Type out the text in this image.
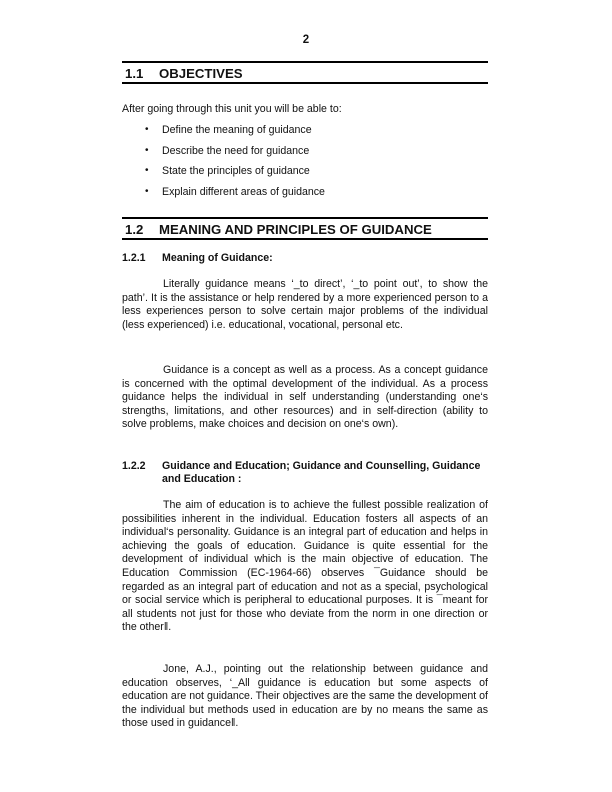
2
1.1 OBJECTIVES
After going through this unit you will be able to:
• Define the meaning of guidance
• Describe the need for guidance
• State the principles of guidance
• Explain different areas of guidance
1.2 MEANING AND PRINCIPLES OF GUIDANCE
1.2.1 Meaning of Guidance:

Literally guidance means ‘_to direct’, ‘_to point out’, to show the path’. It is the assistance or help rendered by a more experienced person to a less experiences person to solve certain major problems of the individual (less experienced) i.e. educational, vocational, personal etc.

Guidance is a concept as well as a process. As a concept guidance is concerned with the optimal development of the individual. As a process guidance helps the individual in self understanding (understanding one‘s strengths, limitations, and other resources) and in self-direction (ability to solve problems, make choices and decision on one‘s own).

1.2.2 Guidance and Education; Guidance and Counselling, Guidance and Education :

The aim of education is to achieve the fullest possible realization of possibilities inherent in the individual. Education fosters all aspects of an individual‘s personality. Guidance is an integral part of education and helps in achieving the goals of education. Guidance is quite essential for the development of individual which is the main objective of education. The Education Commission (EC-1964-66) observes ¯Guidance should be regarded as an integral part of education and not as a special, psychological or social service which is peripheral to educational purposes. It is ¯meant for all students not just for those who deviate from the norm in one direction or the other‖.

Jone, A.J., pointing out the relationship between guidance and education observes, ‘_All guidance is education but some aspects of education are not guidance. Their objectives are the same the development of the individual but methods used in education are by no means the same as those used in guidance‖.
